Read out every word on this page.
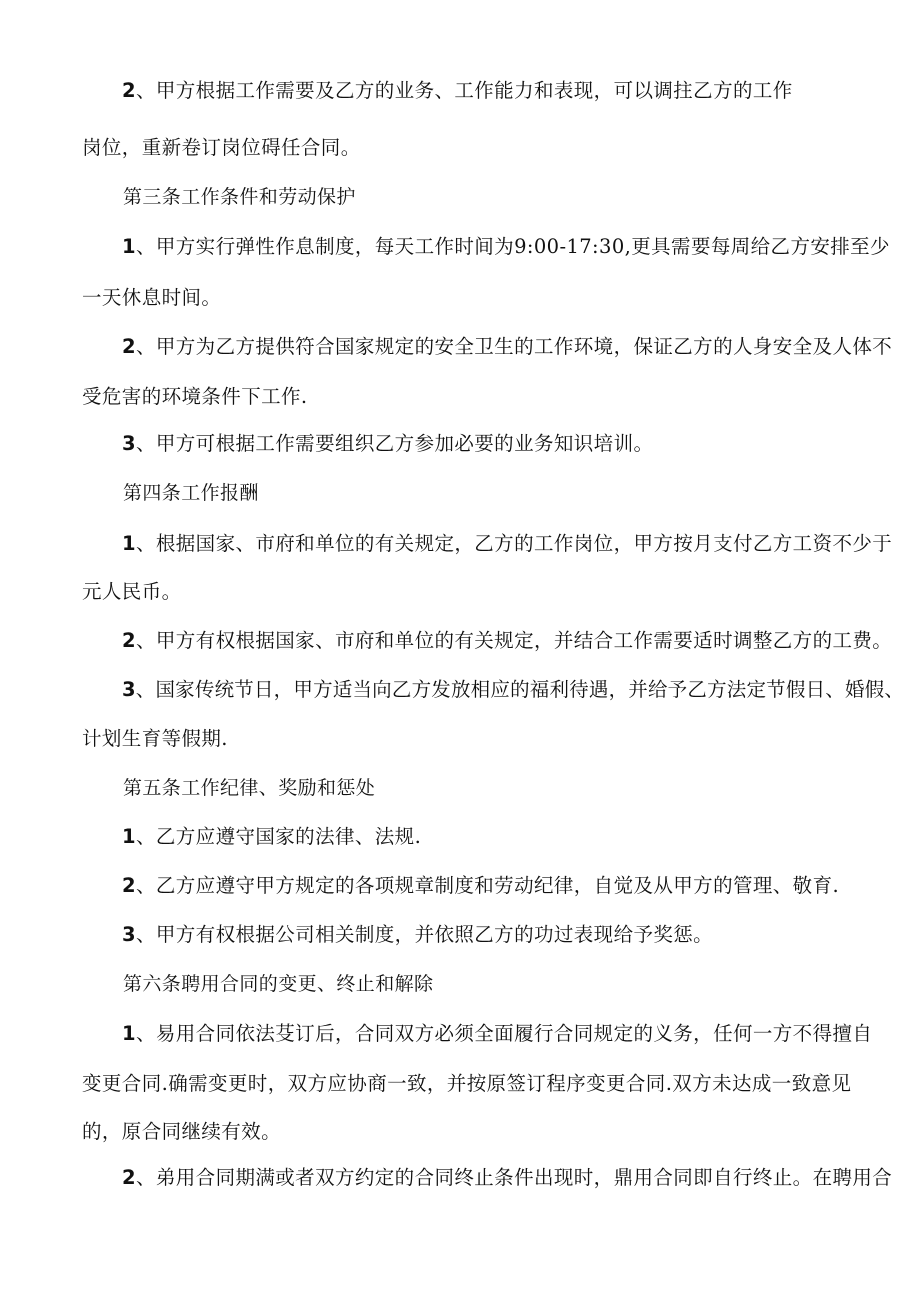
2、甲方根据工作需要及乙方的业务、工作能力和表现，可以调拄乙方的工作
岗位，重新卷订岗位碍任合同。
第三条工作条件和劳动保护
1、甲方实行弹性作息制度，每天工作时间为9:00-17:30,更具需要每周给乙方安排至少
一天休息时间。
2、甲方为乙方提供符合国家规定的安全卫生的工作环境，保证乙方的人身安全及人体不
受危害的环境条件下工作.
3、甲方可根据工作需要组织乙方参加必要的业务知识培训。
第四条工作报酬
1、根据国家、市府和单位的有关规定，乙方的工作岗位，甲方按月支付乙方工资不少于
元人民币。
2、甲方有权根据国家、市府和单位的有关规定，并结合工作需要适时调整乙方的工费。
3、国家传统节日，甲方适当向乙方发放相应的福利待遇，并给予乙方法定节假日、婚假、
计划生育等假期.
第五条工作纪律、奖励和惩处
1、乙方应遵守国家的法律、法规.
2、乙方应遵守甲方规定的各项规章制度和劳动纪律，自觉及从甲方的管理、敬育.
3、甲方有权根据公司相关制度，并依照乙方的功过表现给予奖惩。
第六条聘用合同的变更、终止和解除
1、易用合同依法芟订后，合同双方必须全面履行合同规定的义务，任何一方不得擅自
变更合同.确需变更时，双方应协商一致，并按原签订程序变更合同.双方未达成一致意见
的，原合同继续有效。
2、弟用合同期满或者双方约定的合同终止条件出现时，鼎用合同即自行终止。在聘用合
